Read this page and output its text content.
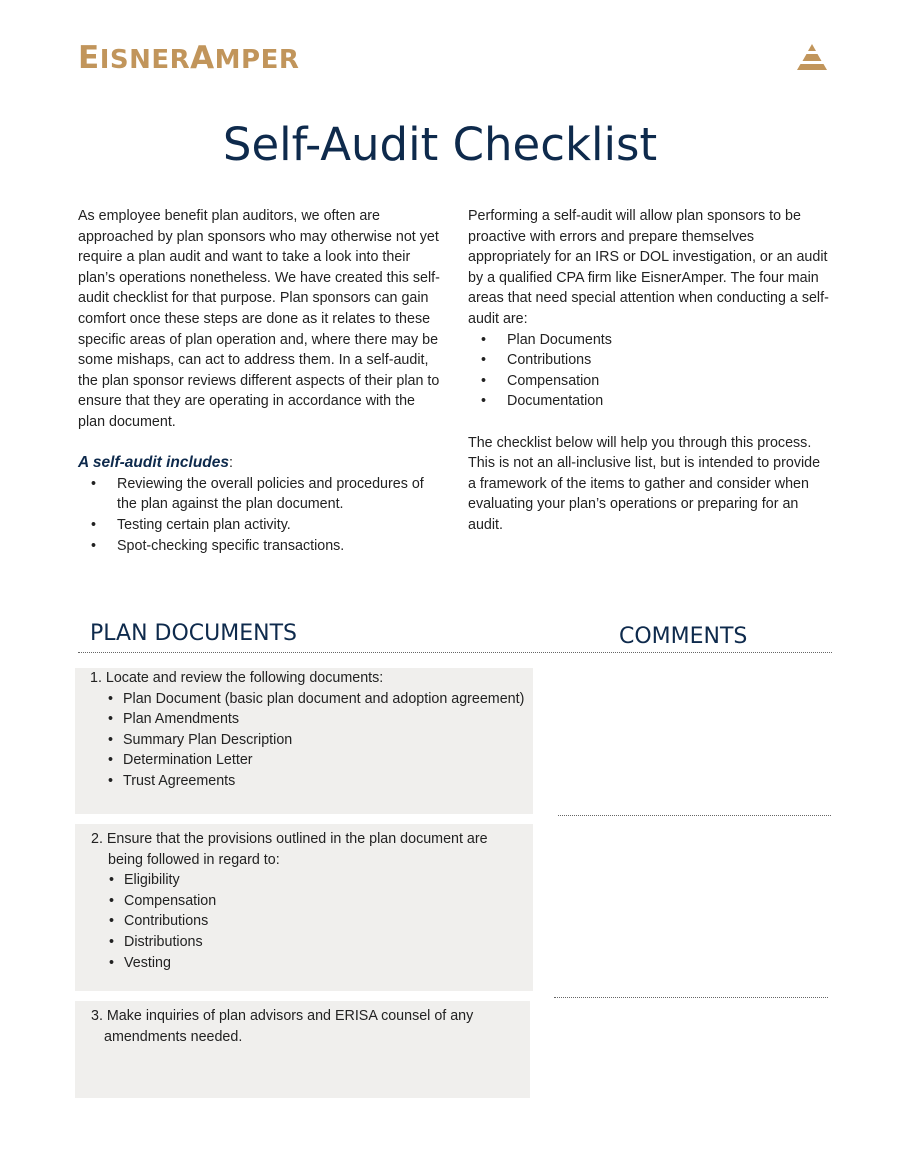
EISNERAMPER
Self-Audit Checklist

As employee benefit plan auditors, we often are approached by plan sponsors who may otherwise not yet require a plan audit and want to take a look into their plan’s operations nonetheless. We have created this self-audit checklist for that purpose. Plan sponsors can gain comfort once these steps are done as it relates to these specific areas of plan operation and, where there may be some mishaps, can act to address them. In a self-audit, the plan sponsor reviews different aspects of their plan to ensure that they are operating in accordance with the plan document.

A self-audit includes:
• Reviewing the overall policies and procedures of the plan against the plan document.
• Testing certain plan activity.
• Spot-checking specific transactions.

Performing a self-audit will allow plan sponsors to be proactive with errors and prepare themselves appropriately for an IRS or DOL investigation, or an audit by a qualified CPA firm like EisnerAmper. The four main areas that need special attention when conducting a self-audit are:

• Plan Documents
• Contributions
• Compensation
• Documentation

The checklist below will help you through this process. This is not an all-inclusive list, but is intended to provide a framework of the items to gather and consider when evaluating your plan’s operations or preparing for an audit.

PLAN DOCUMENTS	COMMENTS
1. Locate and review the following documents:
• Plan Document (basic plan document and adoption agreement)
• Plan Amendments
• Summary Plan Description
• Determination Letter
• Trust Agreements
2. Ensure that the provisions outlined in the plan document are
being followed in regard to:
• Eligibility
• Compensation
• Contributions
• Distributions
• Vesting
3. Make inquiries of plan advisors and ERISA counsel of any
amendments needed.
